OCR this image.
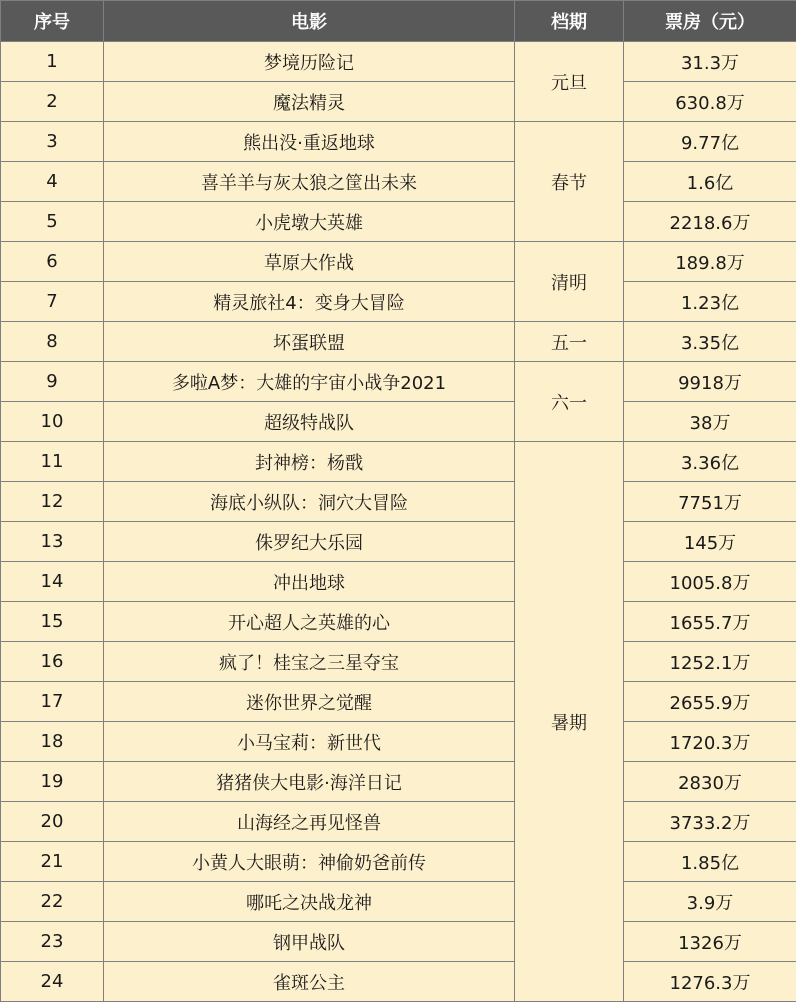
序号	电影	档期	票房（元）
1	梦境历险记	元旦	31.3万
2	魔法精灵		630.8万
3	熊出没·重返地球	春节	9.77亿
4	喜羊羊与灰太狼之筐出未来		1.6亿
5	小虎墩大英雄		2218.6万
6	草原大作战	清明	189.8万
7	精灵旅社4：变身大冒险		1.23亿
8	坏蛋联盟	五一	3.35亿
9	多啦A梦：大雄的宇宙小战争2021	六一	9918万
10	超级特战队		38万
11	封神榜：杨戬	暑期	3.36亿
12	海底小纵队：洞穴大冒险		7751万
13	侏罗纪大乐园		145万
14	冲出地球		1005.8万
15	开心超人之英雄的心		1655.7万
16	疯了！桂宝之三星夺宝		1252.1万
17	迷你世界之觉醒		2655.9万
18	小马宝莉：新世代		1720.3万
19	猪猪侠大电影·海洋日记		2830万
20	山海经之再见怪兽		3733.2万
21	小黄人大眼萌：神偷奶爸前传		1.85亿
22	哪吒之决战龙神		3.9万
23	钢甲战队		1326万
24	雀斑公主		1276.3万
